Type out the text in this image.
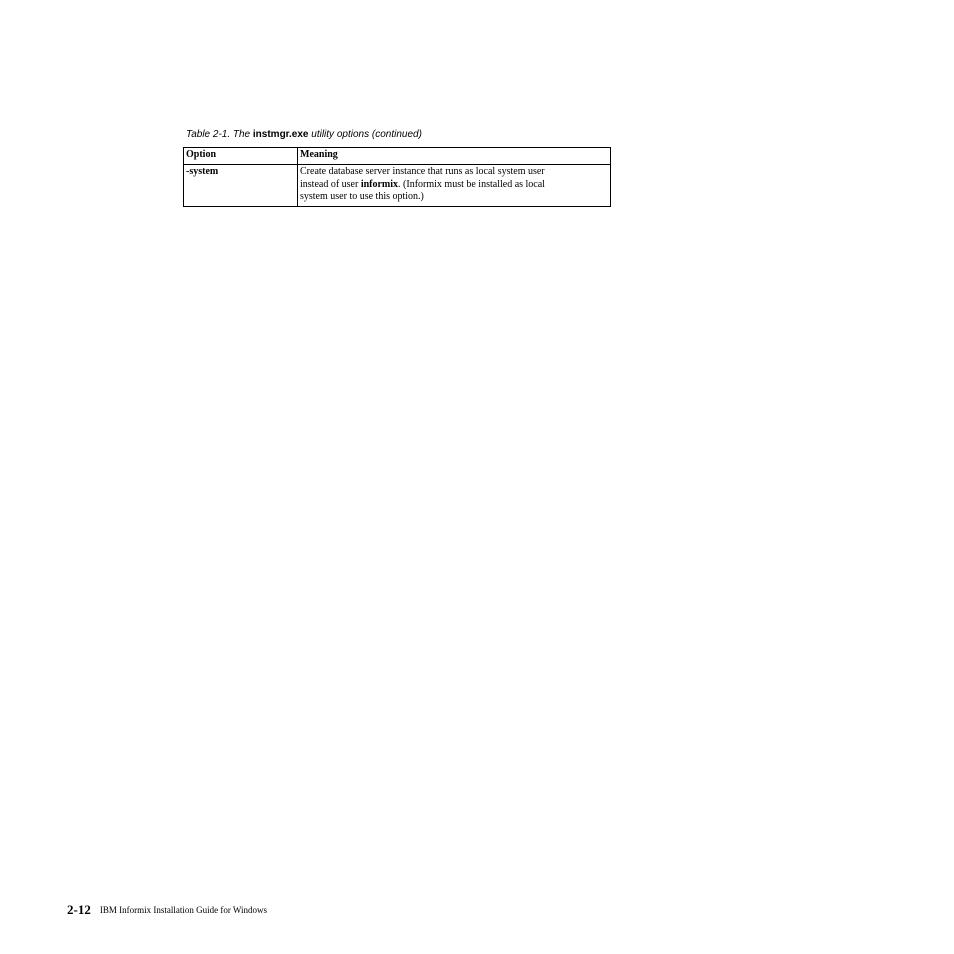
Table 2-1. The instmgr.exe utility options (continued)
Option	Meaning
-system	Create database server instance that runs as local system user
instead of user informix. (Informix must be installed as local
system user to use this option.)
2-12 IBM Informix Installation Guide for Windows
